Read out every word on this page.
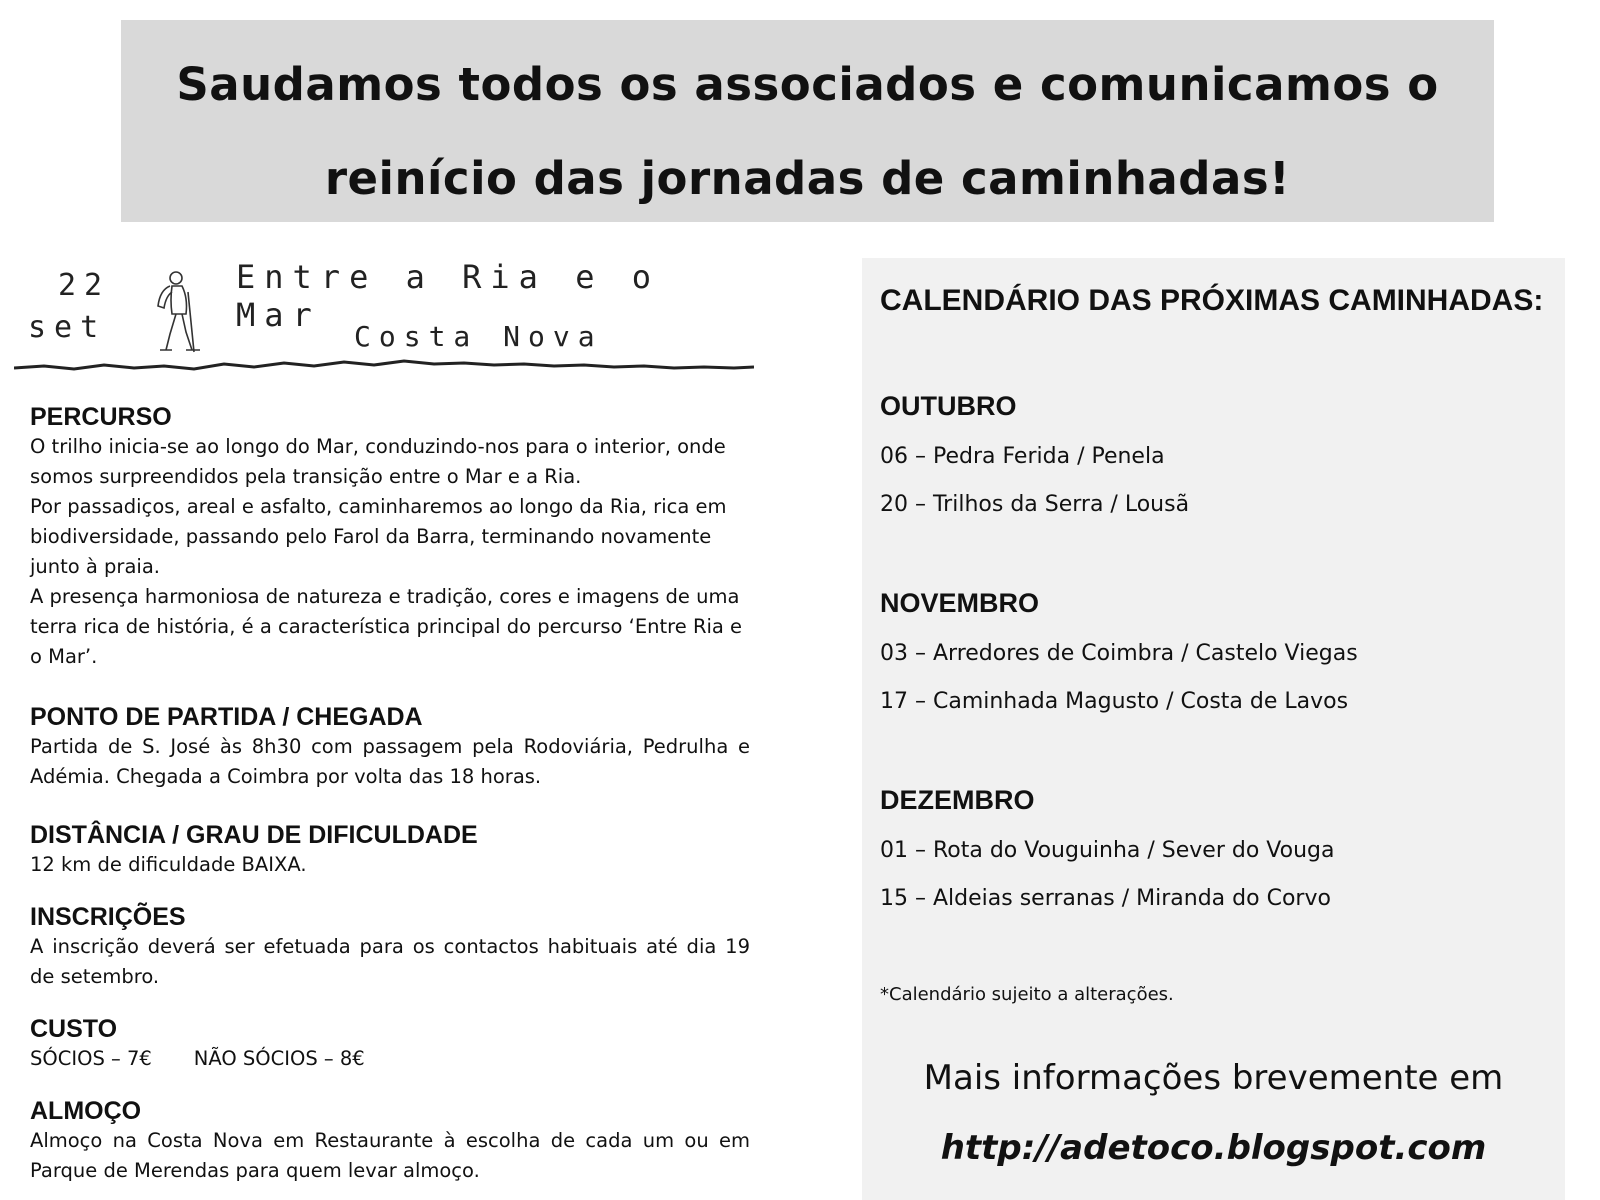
Saudamos todos os associados e comunicamos o
reinício das jornadas de caminhadas!
22
set
Entre a Ria e o Mar
Costa Nova

PERCURSO

O trilho inicia-se ao longo do Mar, conduzindo-nos para o interior, onde somos surpreendidos pela transição entre o Mar e a Ria.

Por passadiços, areal e asfalto, caminharemos ao longo da Ria, rica em biodiversidade, passando pelo Farol da Barra, terminando novamente junto à praia.

A presença harmoniosa de natureza e tradição, cores e imagens de uma terra rica de história, é a característica principal do percurso ‘Entre Ria e o Mar’.

PONTO DE PARTIDA / CHEGADA

Partida de S. José às 8h30 com passagem pela Rodoviária, Pedrulha e Adémia. Chegada a Coimbra por volta das 18 horas.

DISTÂNCIA / GRAU DE DIFICULDADE

12 km de dificuldade BAIXA.

INSCRIÇÕES

A inscrição deverá ser efetuada para os contactos habituais até dia 19 de setembro.

CUSTO

SÓCIOS – 7€ NÃO SÓCIOS – 8€

ALMOÇO

Almoço na Costa Nova em Restaurante à escolha de cada um ou em Parque de Merendas para quem levar almoço.

CALENDÁRIO DAS PRÓXIMAS CAMINHADAS:
OUTUBRO
06 – Pedra Ferida / Penela
20 – Trilhos da Serra / Lousã
NOVEMBRO
03 – Arredores de Coimbra / Castelo Viegas
17 – Caminhada Magusto / Costa de Lavos
DEZEMBRO
01 – Rota do Vouguinha / Sever do Vouga
15 – Aldeias serranas / Miranda do Corvo
*Calendário sujeito a alterações.
Mais informações brevemente em
http://adetoco.blogspot.com
